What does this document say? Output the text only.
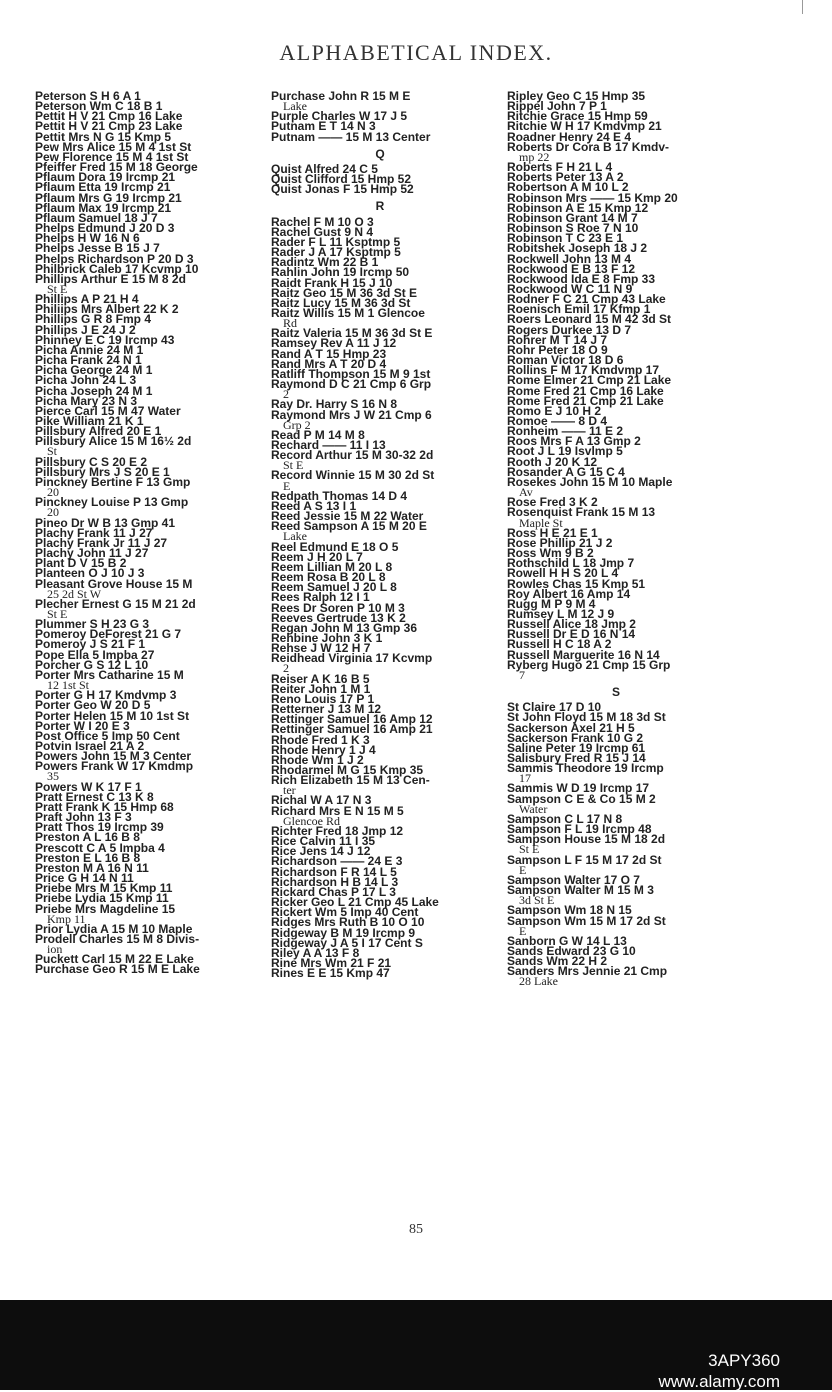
ALPHABETICAL INDEX.
Peterson S H 6 A 1
Peterson Wm C 18 B 1
Pettit H V 21 Cmp 16 Lake
Pettit H V 21 Cmp 23 Lake
Pettit Mrs N G 15 Kmp 5
Pew Mrs Alice 15 M 4 1st St
Pew Florence 15 M 4 1st St
Pfeiffer Fred 15 M 18 George
Pflaum Dora 19 Ircmp 21
Pflaum Etta 19 Ircmp 21
Pflaum Mrs G 19 Ircmp 21
Pflaum Max 19 Ircmp 21
Pflaum Samuel 18 J 7
Phelps Edmund J 20 D 3
Phelps H W 16 N 6
Phelps Jesse B 15 J 7
Phelps Richardson P 20 D 3
Philbrick Caleb 17 Kcvmp 10
Phillips Arthur E 15 M 8 2d
St E
Phillips A P 21 H 4
Philiips Mrs Albert 22 K 2
Phillips G R 8 Fmp 4
Phillips J E 24 J 2
Phinney E C 19 Ircmp 43
Picha Annie 24 M 1
Picha Frank 24 N 1
Picha George 24 M 1
Picha John 24 L 3
Picha Joseph 24 M 1
Picha Mary 23 N 3
Pierce Carl 15 M 47 Water
Pike William 21 K 1
Pillsbury Alfred 20 E 1
Pillsbury Alice 15 M 16½ 2d
St
Pillsbury C S 20 E 2
Pillsbury Mrs J S 20 E 1
Pinckney Bertine F 13 Gmp
20
Pinckney Louise P 13 Gmp
20
Pineo Dr W B 13 Gmp 41
Plachy Frank 11 J 27
Plachy Frank Jr 11 J 27
Plachy John 11 J 27
Plant D V 15 B 2
Planteen O J 10 J 3
Pleasant Grove House 15 M
25 2d St W
Plecher Ernest G 15 M 21 2d
St E
Plummer S H 23 G 3
Pomeroy DeForest 21 G 7
Pomeroy J S 21 F 1
Pope Ella 5 Impba 27
Porcher G S 12 L 10
Porter Mrs Catharine 15 M
12 1st St
Porter G H 17 Kmdvmp 3
Porter Geo W 20 D 5
Porter Helen 15 M 10 1st St
Porter W I 20 E 3
Post Office 5 Imp 50 Cent
Potvin Israel 21 A 2
Powers John 15 M 3 Center
Powers Frank W 17 Kmdmp
35
Powers W K 17 F 1
Pratt Ernest C 13 K 8
Pratt Frank K 15 Hmp 68
Praft John 13 F 3
Pratt Thos 19 Ircmp 39
Preston A L 16 B 8
Prescott C A 5 Impba 4
Preston E L 16 B 8
Preston M A 16 N 11
Price G H 14 N 11
Priebe Mrs M 15 Kmp 11
Priebe Lydia 15 Kmp 11
Priebe Mrs Magdeline 15
Kmp 11
Prior Lydia A 15 M 10 Maple
Prodell Charles 15 M 8 Divis-
ion
Puckett Carl 15 M 22 E Lake
Purchase Geo R 15 M E Lake
Purchase John R 15 M E
Lake
Purple Charles W 17 J 5
Putnam E T 14 N 3
Putnam —— 15 M 13 Center
Q
Quist Alfred 24 C 5
Quist Clifford 15 Hmp 52
Quist Jonas F 15 Hmp 52
R
Rachel F M 10 O 3
Rachel Gust 9 N 4
Rader F L 11 Ksptmp 5
Rader J A 17 Ksptmp 5
Radintz Wm 22 B 1
Rahlin John 19 Ircmp 50
Raidt Frank H 15 J 10
Raitz Geo 15 M 36 3d St E
Raitz Lucy 15 M 36 3d St
Raitz Willis 15 M 1 Glencoe
Rd
Raitz Valeria 15 M 36 3d St E
Ramsey Rev A 11 J 12
Rand A T 15 Hmp 23
Rand Mrs A T 20 D 4
Ratliff Thompson 15 M 9 1st
Raymond D C 21 Cmp 6 Grp
2
Ray Dr. Harry S 16 N 8
Raymond Mrs J W 21 Cmp 6
Grp 2
Read P M 14 M 8
Rechard —— 11 I 13
Record Arthur 15 M 30-32 2d
St E
Record Winnie 15 M 30 2d St
E
Redpath Thomas 14 D 4
Reed A S 13 I 1
Reed Jessie 15 M 22 Water
Reed Sampson A 15 M 20 E
Lake
Reel Edmund E 18 O 5
Reem J H 20 L 7
Reem Lillian M 20 L 8
Reem Rosa B 20 L 8
Reem Samuel J 20 L 8
Rees Ralph 12 I 1
Rees Dr Soren P 10 M 3
Reeves Gertrude 13 K 2
Regan John M 13 Gmp 36
Rehbine John 3 K 1
Rehse J W 12 H 7
Reidhead Virginia 17 Kcvmp
2
Reiser A K 16 B 5
Reiter John 1 M 1
Reno Louis 17 P 1
Retterner J 13 M 12
Rettinger Samuel 16 Amp 12
Rettinger Samuel 16 Amp 21
Rhode Fred 1 K 3
Rhode Henry 1 J 4
Rhode Wm 1 J 2
Rhodarmel M G 15 Kmp 35
Rich Elizabeth 15 M 13 Cen-
ter
Richal W A 17 N 3
Richard Mrs E N 15 M 5
Glencoe Rd
Richter Fred 18 Jmp 12
Rice Calvin 11 I 35
Rice Jens 14 J 12
Richardson —— 24 E 3
Richardson F R 14 L 5
Richardson H B 14 L 3
Rickard Chas P 17 L 3
Ricker Geo L 21 Cmp 45 Lake
Rickert Wm 5 Imp 40 Cent
Ridges Mrs Ruth B 10 O 10
Ridgeway B M 19 Ircmp 9
Ridgeway J A 5 I 17 Cent S
Riley A A 13 F 8
Rine Mrs Wm 21 F 21
Rines E E 15 Kmp 47
Ripley Geo C 15 Hmp 35
Rippel John 7 P 1
Ritchie Grace 15 Hmp 59
Ritchie W H 17 Kmdvmp 21
Roadner Henry 24 E 4
Roberts Dr Cora B 17 Kmdv-
mp 22
Roberts F H 21 L 4
Roberts Peter 13 A 2
Robertson A M 10 L 2
Robinson Mrs —— 15 Kmp 20
Robinson A E 15 Kmp 12
Robinson Grant 14 M 7
Robinson S Roe 7 N 10
Robinson T C 23 E 1
Robitshek Joseph 18 J 2
Rockwell John 13 M 4
Rockwood E B 13 F 12
Rockwood Ida E 8 Fmp 33
Rockwood W C 11 N 9
Rodner F C 21 Cmp 43 Lake
Roenisch Emil 17 Kfmp 1
Roers Leonard 15 M 42 3d St
Rogers Durkee 13 D 7
Rohrer M T 14 J 7
Rohr Peter 18 O 9
Roman Victor 18 D 6
Rollins F M 17 Kmdvmp 17
Rome Elmer 21 Cmp 21 Lake
Rome Fred 21 Cmp 16 Lake
Rome Fred 21 Cmp 21 Lake
Romo E J 10 H 2
Romoe —— 8 D 4
Ronheim —— 11 E 2
Roos Mrs F A 13 Gmp 2
Root J L 19 Isvlmp 5
Rooth J 20 K 12
Rosander A G 15 C 4
Rosekes John 15 M 10 Maple
Av
Rose Fred 3 K 2
Rosenquist Frank 15 M 13
Maple St
Ross H E 21 E 1
Rose Phillip 21 J 2
Ross Wm 9 B 2
Rothschild L 18 Jmp 7
Rowell H H S 20 L 4
Rowles Chas 15 Kmp 51
Roy Albert 16 Amp 14
Rugg M P 9 M 4
Rumsey L M 12 J 9
Russell Alice 18 Jmp 2
Russell Dr E D 16 N 14
Russell H C 18 A 2
Russell Marguerite 16 N 14
Ryberg Hugo 21 Cmp 15 Grp
7
S
St Claire 17 D 10
St John Floyd 15 M 18 3d St
Sackerson Axel 21 H 5
Sackerson Frank 10 G 2
Saline Peter 19 Ircmp 61
Salisbury Fred R 15 J 14
Sammis Theodore 19 Ircmp
17
Sammis W D 19 Ircmp 17
Sampson C E & Co 15 M 2
Water
Sampson C L 17 N 8
Sampson F L 19 Ircmp 48
Sampson House 15 M 18 2d
St E
Sampson L F 15 M 17 2d St
E
Sampson Walter 17 O 7
Sampson Walter M 15 M 3
3d St E
Sampson Wm 18 N 15
Sampson Wm 15 M 17 2d St
E
Sanborn G W 14 L 13
Sands Edward 23 G 10
Sands Wm 22 H 2
Sanders Mrs Jennie 21 Cmp
28 Lake
85
3APY360
www.alamy.com
